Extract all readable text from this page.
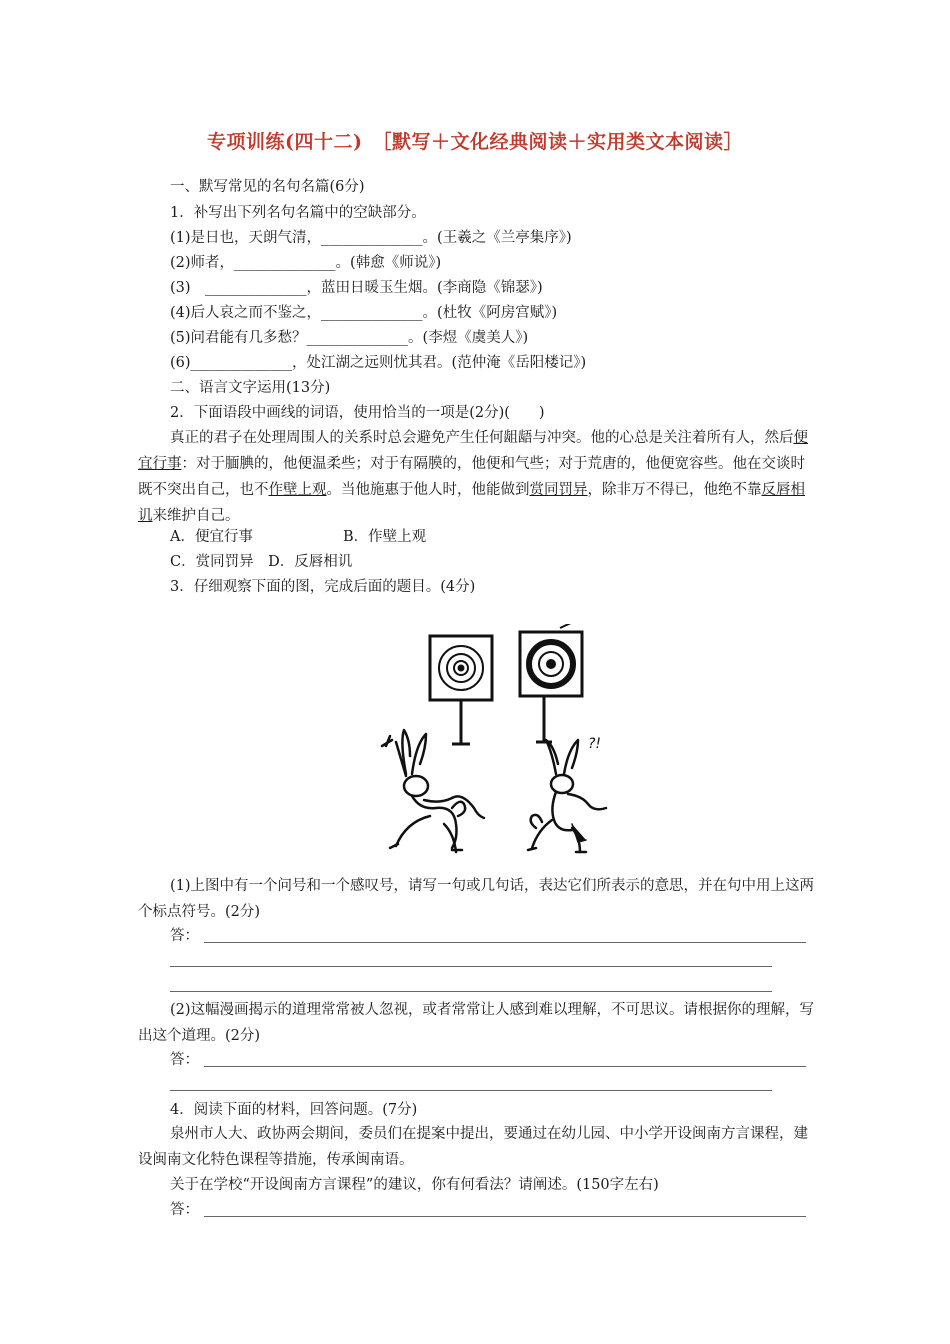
专项训练(四十二)　［默写＋文化经典阅读＋实用类文本阅读］
一、默写常见的名句名篇(6分)
1．补写出下列名句名篇中的空缺部分。
(1)是日也，天朗气清，______________。(王羲之《兰亭集序》)
(2)师者，______________。(韩愈《师说》)
(3)　______________，蓝田日暖玉生烟。(李商隐《锦瑟》)
(4)后人哀之而不鉴之，______________。(杜牧《阿房宫赋》)
(5)问君能有几多愁？______________。(李煜《虞美人》)
(6)______________，处江湖之远则忧其君。(范仲淹《岳阳楼记》)
二、语言文字运用(13分)
2．下面语段中画线的词语，使用恰当的一项是(2分)(　　)

真正的君子在处理周围人的关系时总会避免产生任何龃龉与冲突。他的心总是关注着所有人，然后便宜行事：对于腼腆的，他便温柔些；对于有隔膜的，他便和气些；对于荒唐的，他便宽容些。他在交谈时既不突出自己，也不作壁上观。当他施惠于他人时，他能做到赏同罚异，除非万不得已，他绝不靠反唇相讥来维护自己。

A．便宜行事	B．作壁上观
C．赏同罚异　D．反唇相讥
3．仔细观察下面的图，完成后面的题目。(4分)
?!

(1)上图中有一个问号和一个感叹号，请写一句或几句话，表达它们所表示的意思，并在句中用上这两个标点符号。(2分)

答：

(2)这幅漫画揭示的道理常常被人忽视，或者常常让人感到难以理解，不可思议。请根据你的理解，写出这个道理。(2分)

答：
4．阅读下面的材料，回答问题。(7分)

泉州市人大、政协两会期间，委员们在提案中提出，要通过在幼儿园、中小学开设闽南方言课程，建设闽南文化特色课程等措施，传承闽南语。

关于在学校“开设闽南方言课程”的建议，你有何看法？请阐述。(150字左右)
答：
